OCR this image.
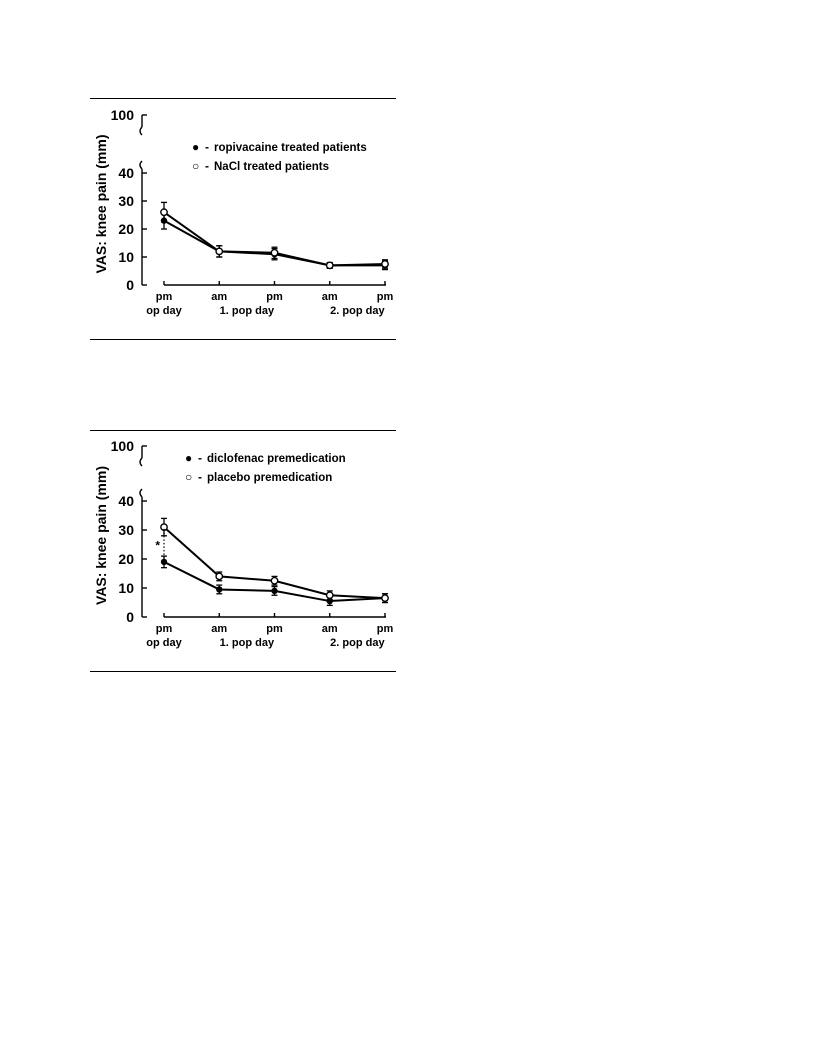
0
10
20
30
40
100
pm	am	pm	am	pm
op day	1. pop day	2. pop day
VAS: knee pain (mm)	● - ropivacaine treated patients
○ - NaCl treated patients
0
10
20
30
40
100
pm	am	pm	am	pm
op day	1. pop day	2. pop day
VAS: knee pain (mm)	*
● - diclofenac premedication
○ - placebo premedication
